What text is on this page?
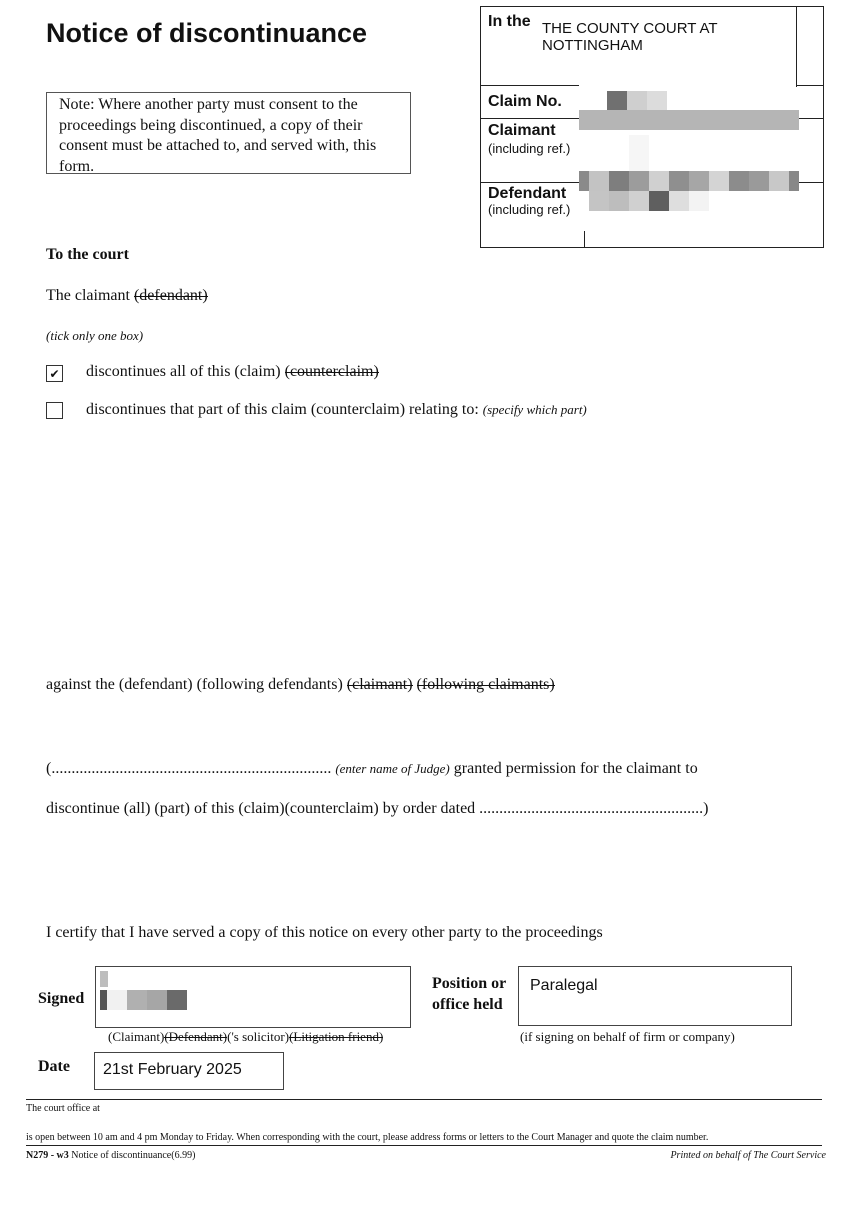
Notice of discontinuance
Note: Where another party must consent to the proceedings being discontinued, a copy of their consent must be attached to, and served with, this form.
In the THE COUNTY COURT AT
NOTTINGHAM
Claim No.
Claimant
(including ref.)
Defendant
(including ref.)
To the court
The claimant (defendant)
(tick only one box)
✔ discontinues all of this (claim) (counterclaim)
discontinues that part of this claim (counterclaim) relating to: (specify which part)
against the (defendant) (following defendants) (claimant) (following claimants)
(...................................................................... (enter name of Judge) granted permission for the claimant to
discontinue (all) (part) of this (claim)(counterclaim) by order dated ........................................................)
I certify that I have served a copy of this notice on every other party to the proceedings
Signed
(Claimant)(Defendant)('s solicitor)(Litigation friend)
Position or
office held
Paralegal
(if signing on behalf of firm or company)
Date	21st February 2025
The court office at
is open between 10 am and 4 pm Monday to Friday. When corresponding with the court, please address forms or letters to the Court Manager and quote the claim number.
N279 - w3 Notice of discontinuance(6.99)	Printed on behalf of The Court Service
